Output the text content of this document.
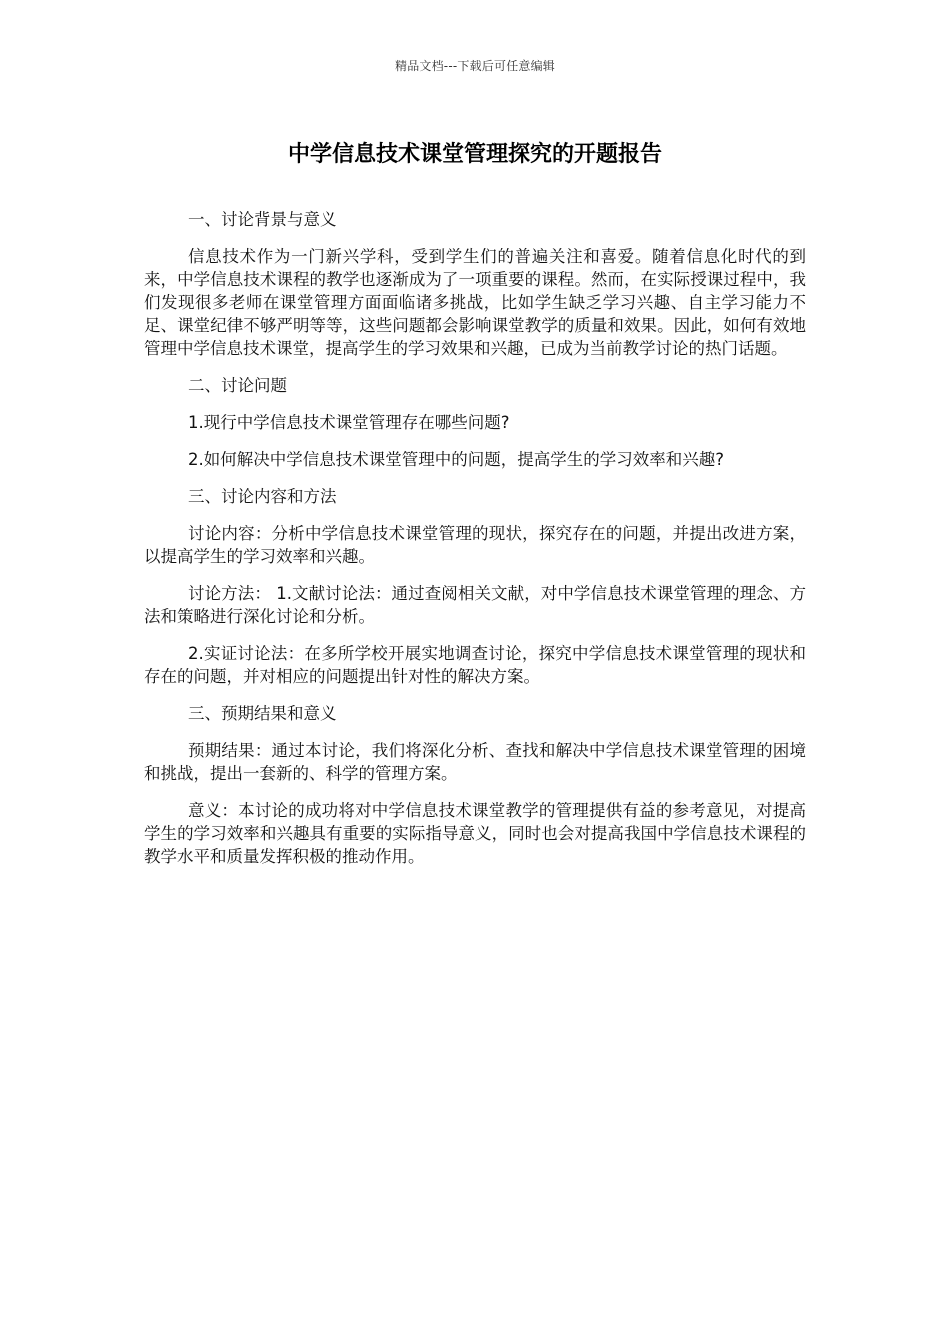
精品文档---下载后可任意编辑
中学信息技术课堂管理探究的开题报告

一、讨论背景与意义

信息技术作为一门新兴学科，受到学生们的普遍关注和喜爱。随着信息化时代的到来，中学信息技术课程的教学也逐渐成为了一项重要的课程。然而，在实际授课过程中，我们发现很多老师在课堂管理方面面临诸多挑战，比如学生缺乏学习兴趣、自主学习能力不足、课堂纪律不够严明等等，这些问题都会影响课堂教学的质量和效果。因此，如何有效地管理中学信息技术课堂，提高学生的学习效果和兴趣，已成为当前教学讨论的热门话题。

二、讨论问题

1.现行中学信息技术课堂管理存在哪些问题?

2.如何解决中学信息技术课堂管理中的问题，提高学生的学习效率和兴趣?

三、讨论内容和方法

讨论内容：分析中学信息技术课堂管理的现状，探究存在的问题，并提出改进方案，以提高学生的学习效率和兴趣。

讨论方法： 1.文献讨论法：通过查阅相关文献，对中学信息技术课堂管理的理念、方法和策略进行深化讨论和分析。

2.实证讨论法：在多所学校开展实地调查讨论，探究中学信息技术课堂管理的现状和存在的问题，并对相应的问题提出针对性的解决方案。

三、预期结果和意义

预期结果：通过本讨论，我们将深化分析、查找和解决中学信息技术课堂管理的困境和挑战，提出一套新的、科学的管理方案。

意义：本讨论的成功将对中学信息技术课堂教学的管理提供有益的参考意见，对提高学生的学习效率和兴趣具有重要的实际指导意义，同时也会对提高我国中学信息技术课程的教学水平和质量发挥积极的推动作用。
